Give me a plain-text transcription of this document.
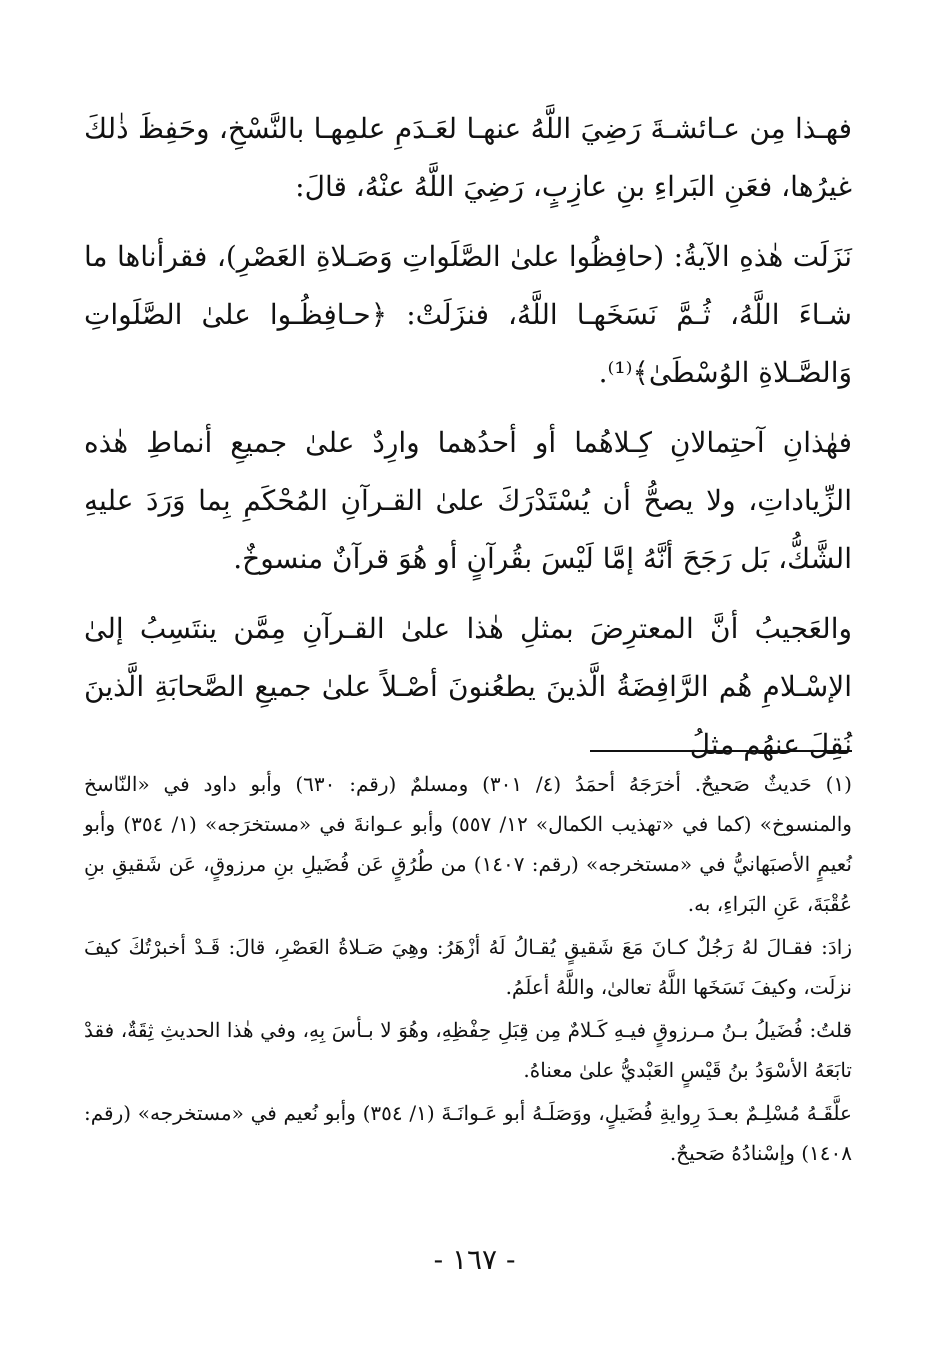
فهـذا مِن عـائشـةَ رَضِيَ اللَّهُ عنهـا لعَـدَمِ علمِهـا بالنَّسْخِ، وحَفِظَ ذٰلكَ غيرُها، فعَنِ البَراءِ بنِ عازِبٍ، رَضِيَ اللَّهُ عنْهُ، قالَ:

نَزَلَت هٰذهِ الآيةُ: (حافِظُوا علىٰ الصَّلَواتِ وَصَـلاةِ العَصْرِ)، فقرأناها ما شـاءَ اللَّهُ، ثُـمَّ نَسَخَهـا اللَّهُ، فنزَلَتْ: ﴿حـافِظُـوا علىٰ الصَّلَواتِ وَالصَّـلاةِ الوُسْطَىٰ﴾⁽¹⁾.

فهٰذانِ آحتِمالانِ كِـلاهُما أو أحدُهما وارِدٌ علىٰ جميعِ أنماطِ هٰذه الزِّياداتِ، ولا يصحُّ أن يُسْتَدْرَكَ علىٰ القـرآنِ المُحْكَمِ بِما وَرَدَ عليهِ الشَّكُّ، بَل رَجَحَ أنَّهُ إمَّا لَيْسَ بقُرآنٍ أو هُوَ قرآنٌ منسوخٌ.

والعَجيبُ أنَّ المعترِضَ بمثلِ هٰذا علىٰ القـرآنِ مِمَّن ينتَسِبُ إلىٰ الإسْـلامِ هُم الرَّافِضَةُ الَّذينَ يطعُنونَ أصْـلاً علىٰ جميعِ الصَّحابَةِ الَّذينَ نُقِلَ عنهُم مثلُ

(١) حَديثٌ صَحيحٌ. أخرَجَهُ أحمَدُ (٤/ ٣٠١) ومسلمٌ (رقم: ٦٣٠) وأبو داود في «النّاسخ والمنسوخ» (كما في «تهذيب الكمال» ١٢/ ٥٥٧) وأبو عـوانةَ في «مستخرَجه» (١/ ٣٥٤) وأبو نُعيمٍ الأصبَهانيُّ في «مستخرجه» (رقم: ١٤٠٧) من طُرُقٍ عَن فُضَيلِ بنِ مرزوقٍ، عَن شَقيقِ بنِ عُقْبَةَ، عَنِ البَراءِ، به.

زادَ: فقـالَ لهُ رَجُلٌ كـانَ مَعَ شَقيقٍ يُقـالُ لَهُ أزْهَرُ: وهِيَ صَـلاةُ العَصْرِ، قالَ: قَـدْ أخبرْتُكَ كيفَ نزلَت، وكيفَ نَسَخَها اللَّهُ تعالىٰ، واللَّهُ أعلَمُ.

قلتُ: فُضَيلُ بـنُ مـرزوقٍ فيـهِ كَـلامٌ مِن قِبَلِ حِفْظِهِ، وهُوَ لا بـأسَ بِهِ، وفي هٰذا الحديثِ ثِقَةٌ، فقدْ تابَعَهُ الأسْوَدُ بنُ قَيْسٍ العَبْديُّ علىٰ معناهُ.

علَّقَـهُ مُسْلِـمٌ بعـدَ رِوايةِ فُضَيلٍ، ووَصَلَـهُ أبو عَـوانَـةَ (١/ ٣٥٤) وأبو نُعيم في «مستخرجه» (رقم: ١٤٠٨) وإسْنادُهُ صَحيحٌ.

- ١٦٧ -
